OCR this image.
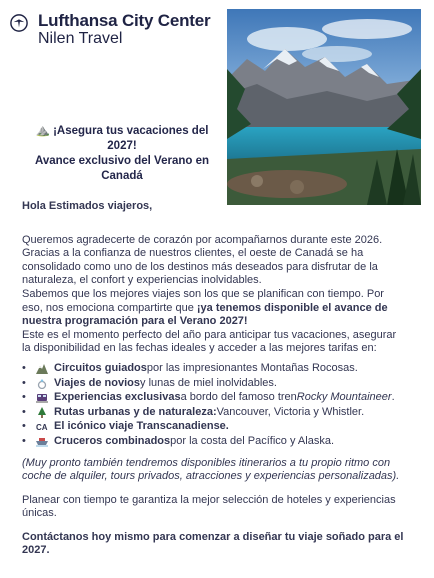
Lufthansa City Center
Nilen Travel
⛰️ ¡Asegura tus vacaciones del 2027!
Avance exclusivo del Verano en Canadá

Hola Estimados viajeros,

Queremos agradecerte de corazón por acompañarnos durante este 2026.

Gracias a la confianza de nuestros clientes, el oeste de Canadá se ha consolidado como uno de los destinos más deseados para disfrutar de la naturaleza, el confort y experiencias inolvidables.

Sabemos que los mejores viajes son los que se planifican con tiempo. Por eso, nos emociona compartirte que ¡ya tenemos disponible el avance de nuestra programación para el Verano 2027!

Este es el momento perfecto del año para anticipar tus vacaciones, asegurar la disponibilidad en las fechas ideales y acceder a las mejores tarifas en:

•	Circuitos guiados por las impresionantes Montañas Rocosas.
•	Viajes de novios y lunas de miel inolvidables.
•	Experiencias exclusivas a bordo del famoso tren Rocky Mountaineer .
•	Rutas urbanas y de naturaleza: Vancouver, Victoria y Whistler.
•	CA El icónico viaje Transcanadiense.
•	Cruceros combinados por la costa del Pacífico y Alaska.

(Muy pronto también tendremos disponibles itinerarios a tu propio ritmo con coche de alquiler, tours privados, atracciones y experiencias personalizadas).

Planear con tiempo te garantiza la mejor selección de hoteles y experiencias únicas.

Contáctanos hoy mismo para comenzar a diseñar tu viaje soñado para el 2027.
